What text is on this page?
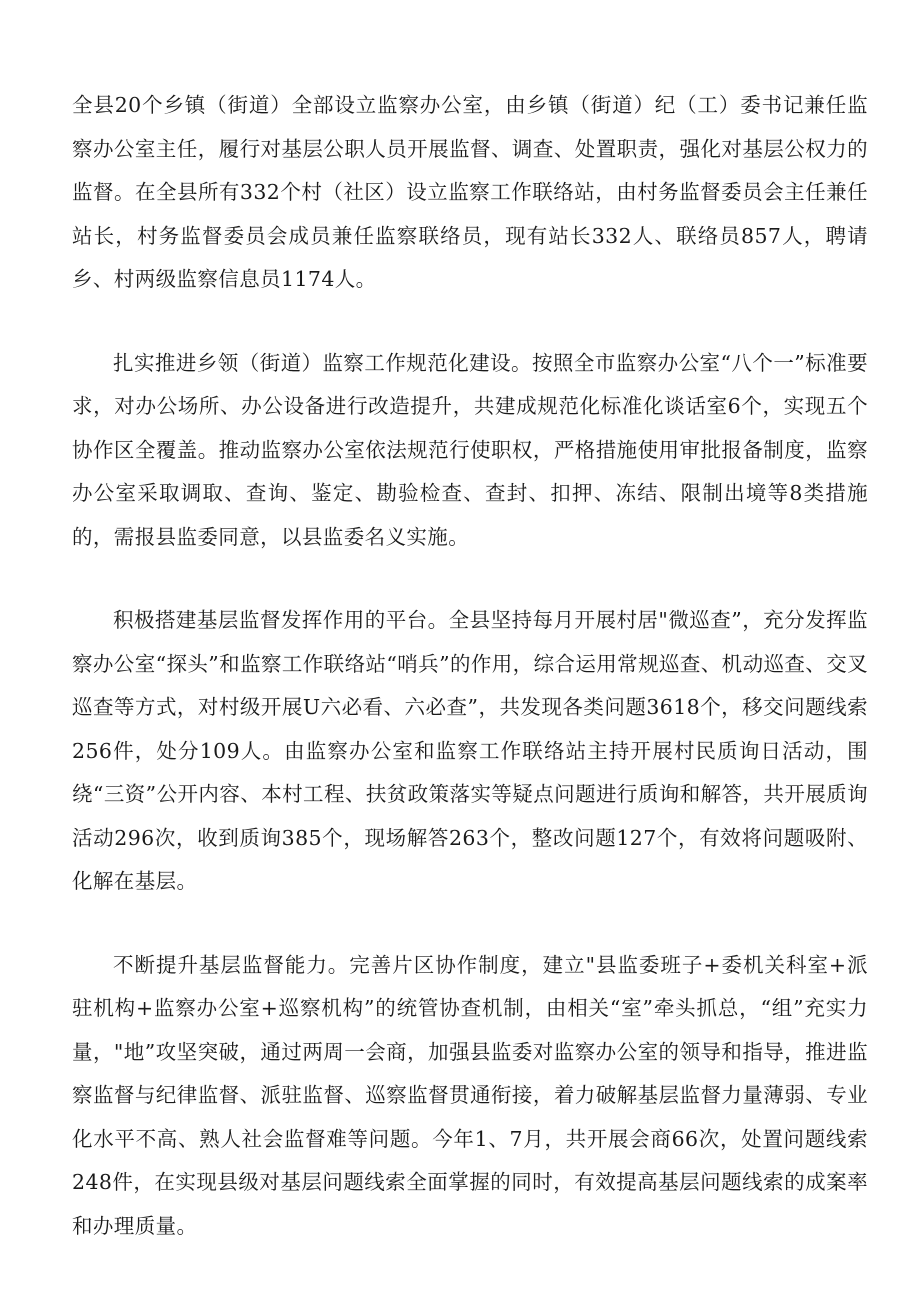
全县20个乡镇（街道）全部设立监察办公室，由乡镇（街道）纪（工）委书记兼任监察办公室主任，履行对基层公职人员开展监督、调查、处置职责，强化对基层公权力的监督。在全县所有332个村（社区）设立监察工作联络站，由村务监督委员会主任兼任站长，村务监督委员会成员兼任监察联络员，现有站长332人、联络员857人，聘请乡、村两级监察信息员1174人。

扎实推进乡领（街道）监察工作规范化建设。按照全市监察办公室“八个一”标准要求，对办公场所、办公设备进行改造提升，共建成规范化标准化谈话室6个，实现五个协作区全覆盖。推动监察办公室依法规范行使职权，严格措施使用审批报备制度，监察办公室采取调取、查询、鉴定、勘验检查、查封、扣押、冻结、限制出境等8类措施的，需报县监委同意，以县监委名义实施。

积极搭建基层监督发挥作用的平台。全县坚持每月开展村居"微巡查”，充分发挥监察办公室“探头”和监察工作联络站“哨兵”的作用，综合运用常规巡查、机动巡查、交叉巡查等方式，对村级开展U六必看、六必查”，共发现各类问题3618个，移交问题线索256件，处分109人。由监察办公室和监察工作联络站主持开展村民质询日活动，围绕“三资”公开内容、本村工程、扶贫政策落实等疑点问题进行质询和解答，共开展质询活动296次，收到质询385个，现场解答263个，整改问题127个，有效将问题吸附、化解在基层。

不断提升基层监督能力。完善片区协作制度，建立"县监委班子+委机关科室+派驻机构+监察办公室+巡察机构”的统管协查机制，由相关“室”牵头抓总，“组”充实力量，"地”攻坚突破，通过两周一会商，加强县监委对监察办公室的领导和指导，推进监察监督与纪律监督、派驻监督、巡察监督贯通衔接，着力破解基层监督力量薄弱、专业化水平不高、熟人社会监督难等问题。今年1、7月，共开展会商66次，处置问题线索248件，在实现县级对基层问题线索全面掌握的同时，有效提高基层问题线索的成案率和办理质量。
